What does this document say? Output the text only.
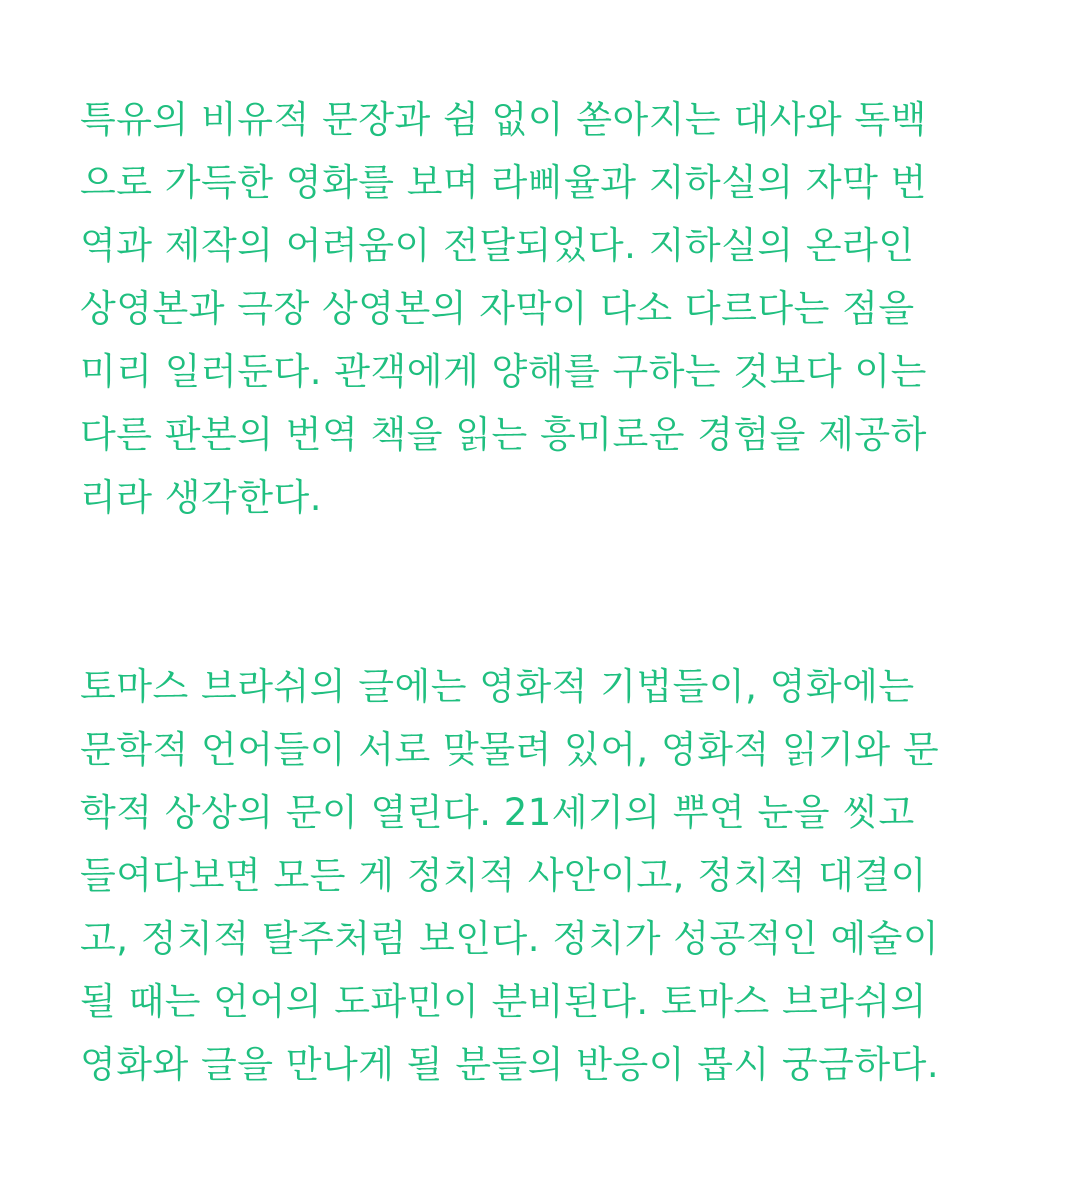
특유의 비유적 문장과 쉼 없이 쏟아지는 대사와 독백
으로 가득한 영화를 보며 라삐율과 지하실의 자막 번
역과 제작의 어려움이 전달되었다. 지하실의 온라인
상영본과 극장 상영본의 자막이 다소 다르다는 점을
미리 일러둔다. 관객에게 양해를 구하는 것보다 이는
다른 판본의 번역 책을 읽는 흥미로운 경험을 제공하
리라 생각한다.
토마스 브라쉬의 글에는 영화적 기법들이, 영화에는
문학적 언어들이 서로 맞물려 있어, 영화적 읽기와 문
학적 상상의 문이 열린다. 21세기의 뿌연 눈을 씻고
들여다보면 모든 게 정치적 사안이고, 정치적 대결이
고, 정치적 탈주처럼 보인다. 정치가 성공적인 예술이
될 때는 언어의 도파민이 분비된다. 토마스 브라쉬의
영화와 글을 만나게 될 분들의 반응이 몹시 궁금하다.
